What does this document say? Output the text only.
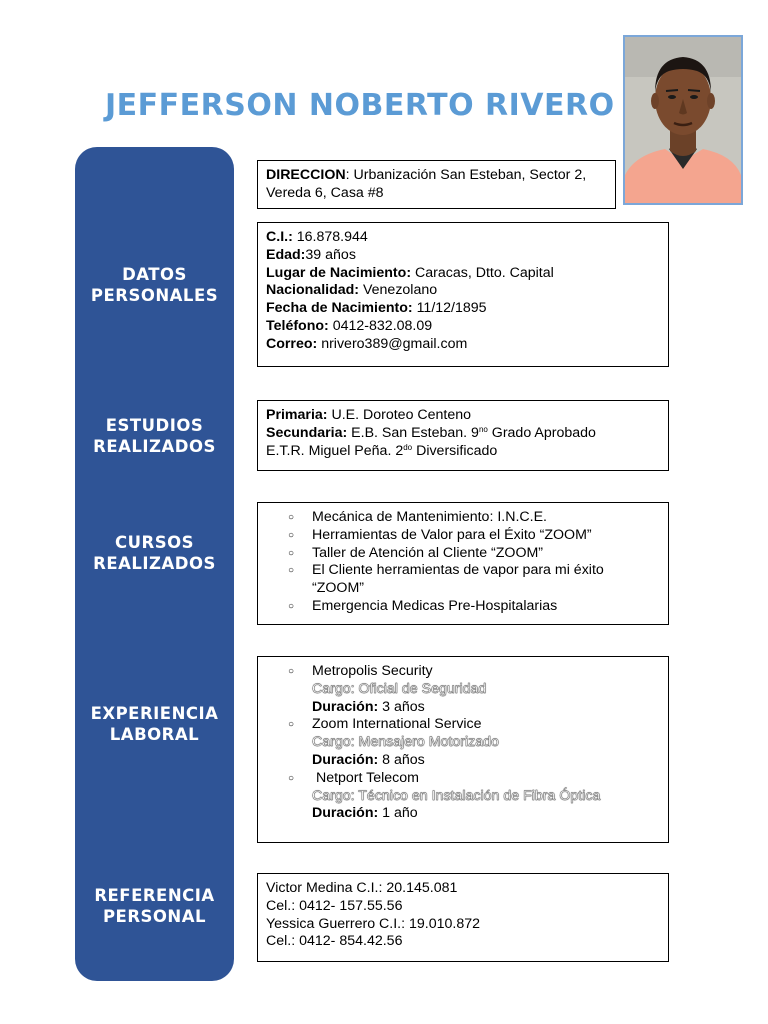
JEFFERSON NOBERTO RIVERO
DATOS
PERSONALES
ESTUDIOS
REALIZADOS
CURSOS
REALIZADOS
EXPERIENCIA
LABORAL
REFERENCIA
PERSONAL
DIRECCION: Urbanización San Esteban, Sector 2, Vereda 6, Casa #8
C.I.: 16.878.944
Edad:39 años
Lugar de Nacimiento: Caracas, Dtto. Capital
Nacionalidad: Venezolano
Fecha de Nacimiento: 11/12/1895
Teléfono: 0412-832.08.09
Correo: nrivero389@gmail.com
Primaria: U.E. Doroteo Centeno
Secundaria: E.B. San Esteban. $9^{no}$ Grado Aprobado
E.T.R. Miguel Peña. $2^{do}$ Diversificado
○ Mecánica de Mantenimiento: I.N.C.E.
○ Herramientas de Valor para el Éxito “ZOOM”
○ Taller de Atención al Cliente “ZOOM”
○ El Cliente herramientas de vapor para mi éxito “ZOOM”
○ Emergencia Medicas Pre-Hospitalarias
○ Metropolis Security
Cargo: Oficial de Seguridad
Duración: 3 años
○ Zoom International Service
Cargo: Mensajero Motorizado
Duración: 8 años
○  Netport Telecom
Cargo: Técnico en Instalación de Fibra Óptica
Duración: 1 año
Victor Medina C.I.: 20.145.081
Cel.: 0412- 157.55.56
Yessica Guerrero C.I.: 19.010.872
Cel.: 0412- 854.42.56
